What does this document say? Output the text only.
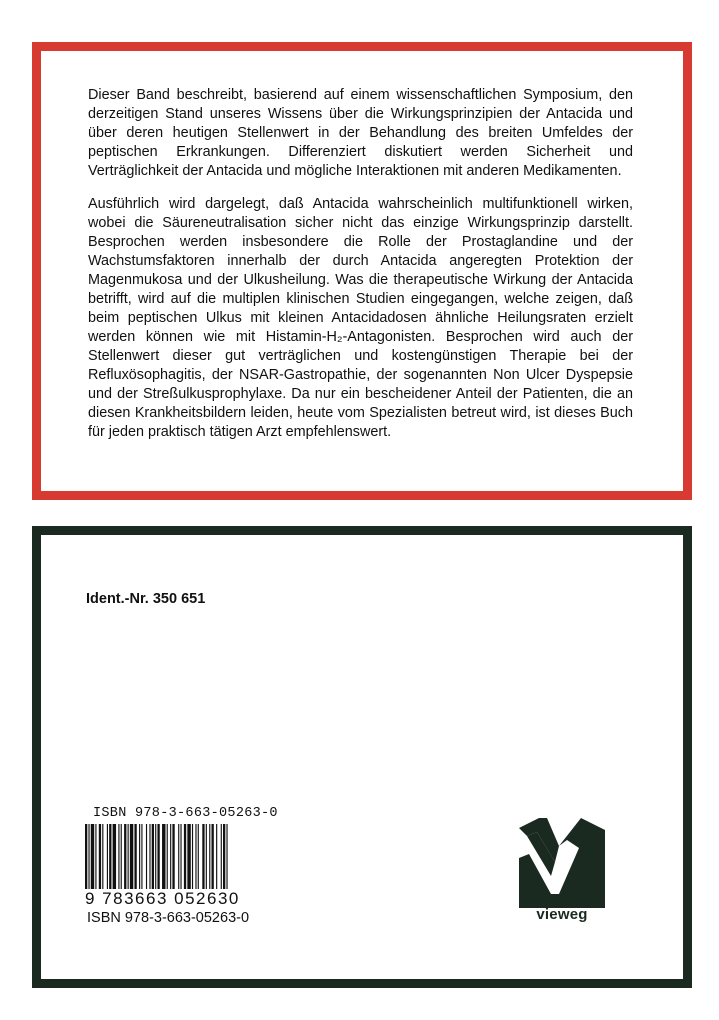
Dieser Band beschreibt, basierend auf einem wissenschaftlichen Symposium, den derzeitigen Stand unseres Wissens über die Wirkungsprinzipien der Antacida und über deren heutigen Stellenwert in der Behandlung des breiten Umfeldes der peptischen Erkrankungen. Differenziert diskutiert werden Sicherheit und Verträglichkeit der Antacida und mögliche Interaktionen mit anderen Medikamenten.

Ausführlich wird dargelegt, daß Antacida wahrscheinlich multifunktionell wirken, wobei die Säureneutralisation sicher nicht das einzige Wirkungsprinzip darstellt. Besprochen werden insbesondere die Rolle der Prostaglandine und der Wachstumsfaktoren innerhalb der durch Antacida angeregten Protektion der Magenmukosa und der Ulkusheilung. Was die therapeutische Wirkung der Antacida betrifft, wird auf die multiplen klinischen Studien eingegangen, welche zeigen, daß beim peptischen Ulkus mit kleinen Antacidadosen ähnliche Heilungsraten erzielt werden können wie mit Histamin-H₂-Antagonisten. Besprochen wird auch der Stellenwert dieser gut verträglichen und kostengünstigen Therapie bei der Refluxösophagitis, der NSAR-Gastropathie, der sogenannten Non Ulcer Dyspepsie und der Streßulkusprophylaxe. Da nur ein bescheidener Anteil der Patienten, die an diesen Krankheitsbildern leiden, heute vom Spezialisten betreut wird, ist dieses Buch für jeden praktisch tätigen Arzt empfehlenswert.

Ident.-Nr. 350 651
ISBN 978-3-663-05263-0
9 783663 052630
ISBN 978-3-663-05263-0	vieweg
